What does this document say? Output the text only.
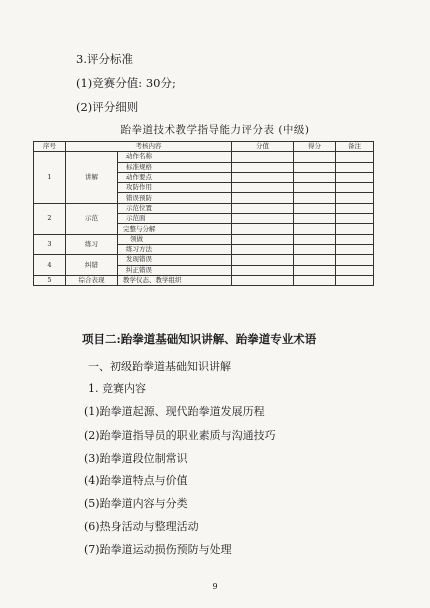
3.评分标准
(1)竞赛分值: 30分;
(2)评分细则
跆拳道技术教学指导能力评分表 (中级)
序号	考核内容		分值	得分	备注
1	讲解	动作名称			
		标准规格			
		动作要点			
		攻防作用			
		错误预防			
2	示范	示范位置			
		示范面			
		完整与分解			
3	练习	领做			
		练习方法			
4	纠错	发现错误			
		纠正错误			
5	综合表现	教学仪态、教学组织			
项目二:跆拳道基础知识讲解、跆拳道专业术语
一、初级跆拳道基础知识讲解
1. 竞赛内容
(1)跆拳道起源、现代跆拳道发展历程
(2)跆拳道指导员的职业素质与沟通技巧
(3)跆拳道段位制常识
(4)跆拳道特点与价值
(5)跆拳道内容与分类
(6)热身活动与整理活动
(7)跆拳道运动损伤预防与处理
9
